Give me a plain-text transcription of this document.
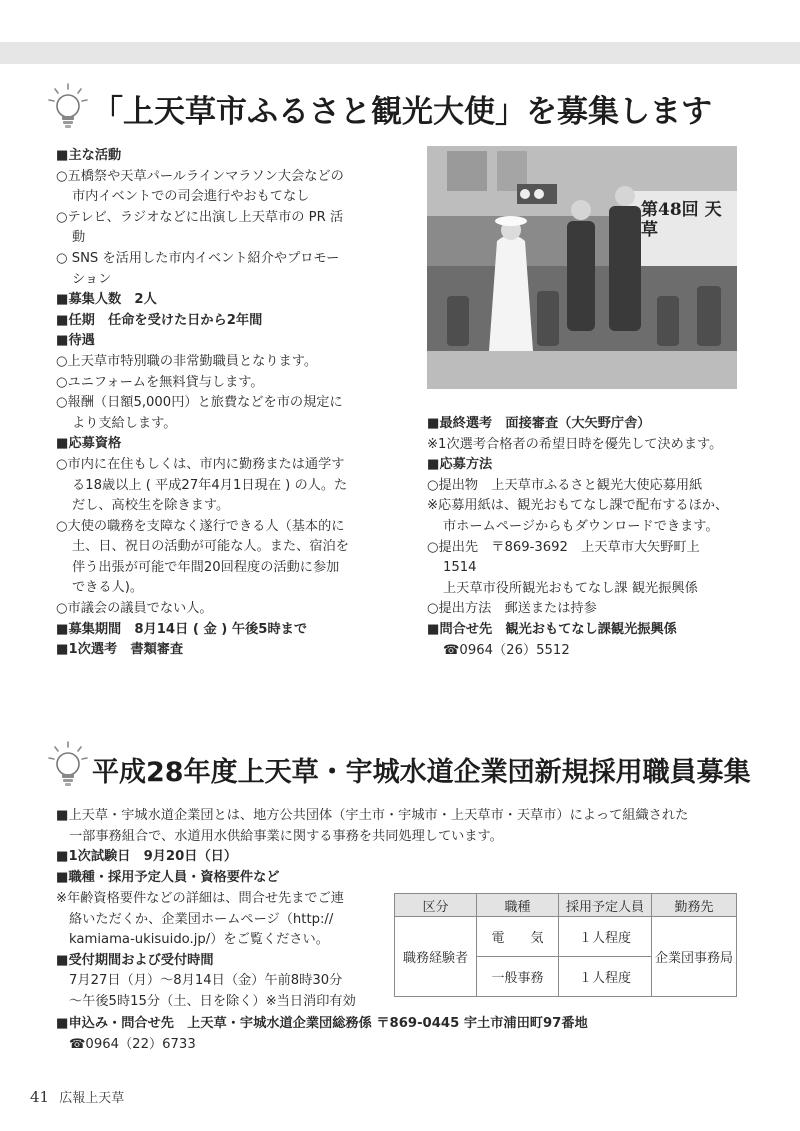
「上天草市ふるさと観光大使」を募集します

■主な活動

○五橋祭や天草パールラインマラソン大会などの

市内イベントでの司会進行やおもてなし

○テレビ、ラジオなどに出演し上天草市の PR 活

動

○ SNS を活用した市内イベント紹介やプロモー

ション

■募集人数　2人

■任期　任命を受けた日から2年間

■待遇

○上天草市特別職の非常勤職員となります。

○ユニフォームを無料貸与します。

○報酬（日額5,000円）と旅費などを市の規定に

より支給します。

■応募資格

○市内に在住もしくは、市内に勤務または通学す

る18歳以上 ( 平成27年4月1日現在 ) の人。た

だし、高校生を除きます。

○大使の職務を支障なく遂行できる人（基本的に

土、日、祝日の活動が可能な人。また、宿泊を

伴う出張が可能で年間20回程度の活動に参加

できる人)。

○市議会の議員でない人。

■募集期間　8月14日 ( 金 ) 午後5時まで

■1次選考　書類審査

第48回 天草

■最終選考　面接審査（大矢野庁舎）

※1次選考合格者の希望日時を優先して決めます。

■応募方法

○提出物　上天草市ふるさと観光大使応募用紙

※応募用紙は、観光おもてなし課で配布するほか、

市ホームページからもダウンロードできます。

○提出先　〒869-3692　上天草市大矢野町上

1514

上天草市役所観光おもてなし課 観光振興係

○提出方法　郵送または持参

■問合せ先　観光おもてなし課観光振興係

☎0964（26）5512

平成28年度上天草・宇城水道企業団新規採用職員募集

■上天草・宇城水道企業団とは、地方公共団体（宇土市・宇城市・上天草市・天草市）によって組織された

一部事務組合で、水道用水供給事業に関する事務を共同処理しています。

■1次試験日　9月20日（日）

■職種・採用予定人員・資格要件など

※年齢資格要件などの詳細は、問合せ先までご連

絡いただくか、企業団ホームページ（http://

kamiama-ukisuido.jp/）をご覧ください。

■受付期間および受付時間

7月27日（月）～8月14日（金）午前8時30分

～午後5時15分（土、日を除く）※当日消印有効

区分	職種	採用予定人員	勤務先
職務経験者	電　　気	１人程度	企業団事務局
	一般事務	１人程度	

■申込み・問合せ先　上天草・宇城水道企業団総務係 〒869-0445 宇土市浦田町97番地

☎0964（22）6733

41 広報上天草
